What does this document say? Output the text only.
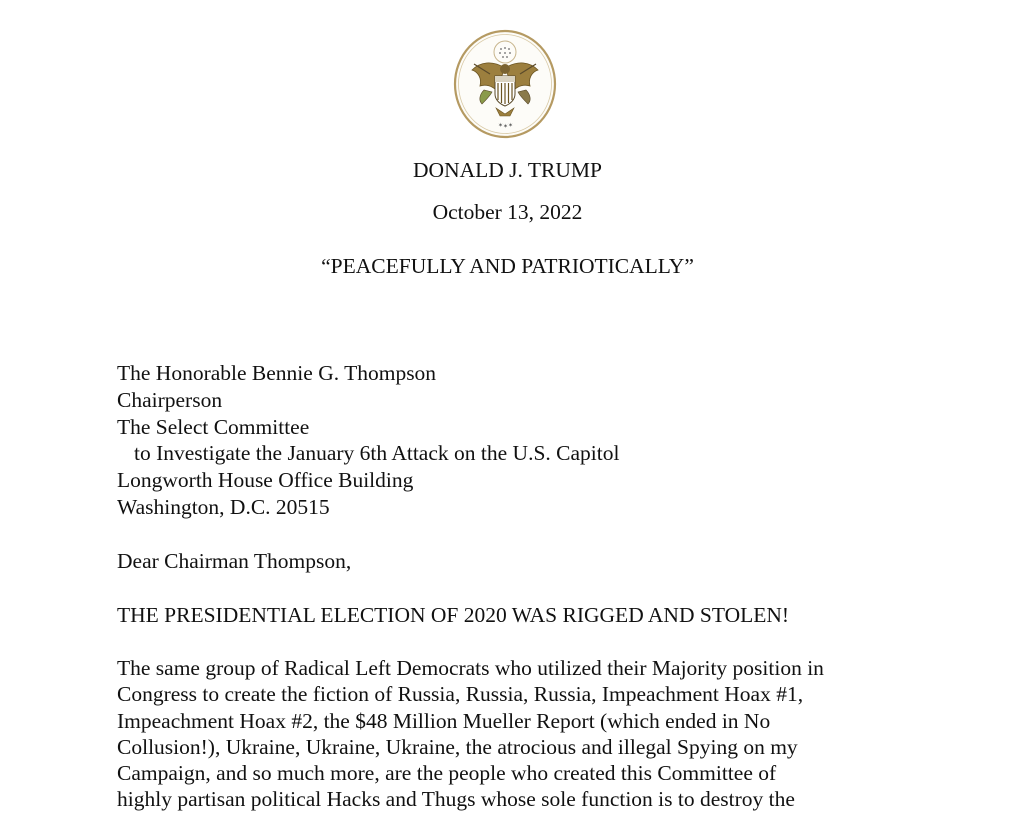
✶ ✶ ✶
DONALD J. TRUMP
October 13, 2022
“PEACEFULLY AND PATRIOTICALLY”
The Honorable Bennie G. Thompson
Chairperson
The Select Committee
to Investigate the January 6th Attack on the U.S. Capitol
Longworth House Office Building
Washington, D.C. 20515
Dear Chairman Thompson,
THE PRESIDENTIAL ELECTION OF 2020 WAS RIGGED AND STOLEN!
The same group of Radical Left Democrats who utilized their Majority position in
Congress to create the fiction of Russia, Russia, Russia, Impeachment Hoax #1,
Impeachment Hoax #2, the $48 Million Mueller Report (which ended in No
Collusion!), Ukraine, Ukraine, Ukraine, the atrocious and illegal Spying on my
Campaign, and so much more, are the people who created this Committee of
highly partisan political Hacks and Thugs whose sole function is to destroy the
